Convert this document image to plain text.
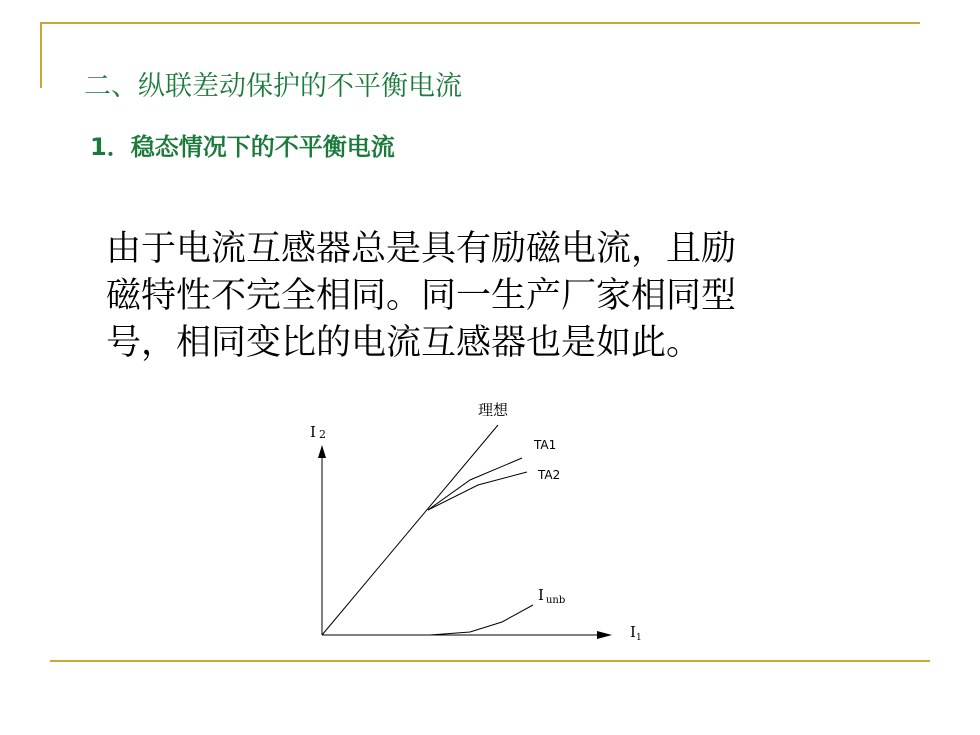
二、纵联差动保护的不平衡电流
1．稳态情况下的不平衡电流
由于电流互感器总是具有励磁电流，且励
磁特性不完全相同。同一生产厂家相同型
号，相同变比的电流互感器也是如此。
理想
TA1
TA2
I 2
$I_1$
I $_{unb}$
